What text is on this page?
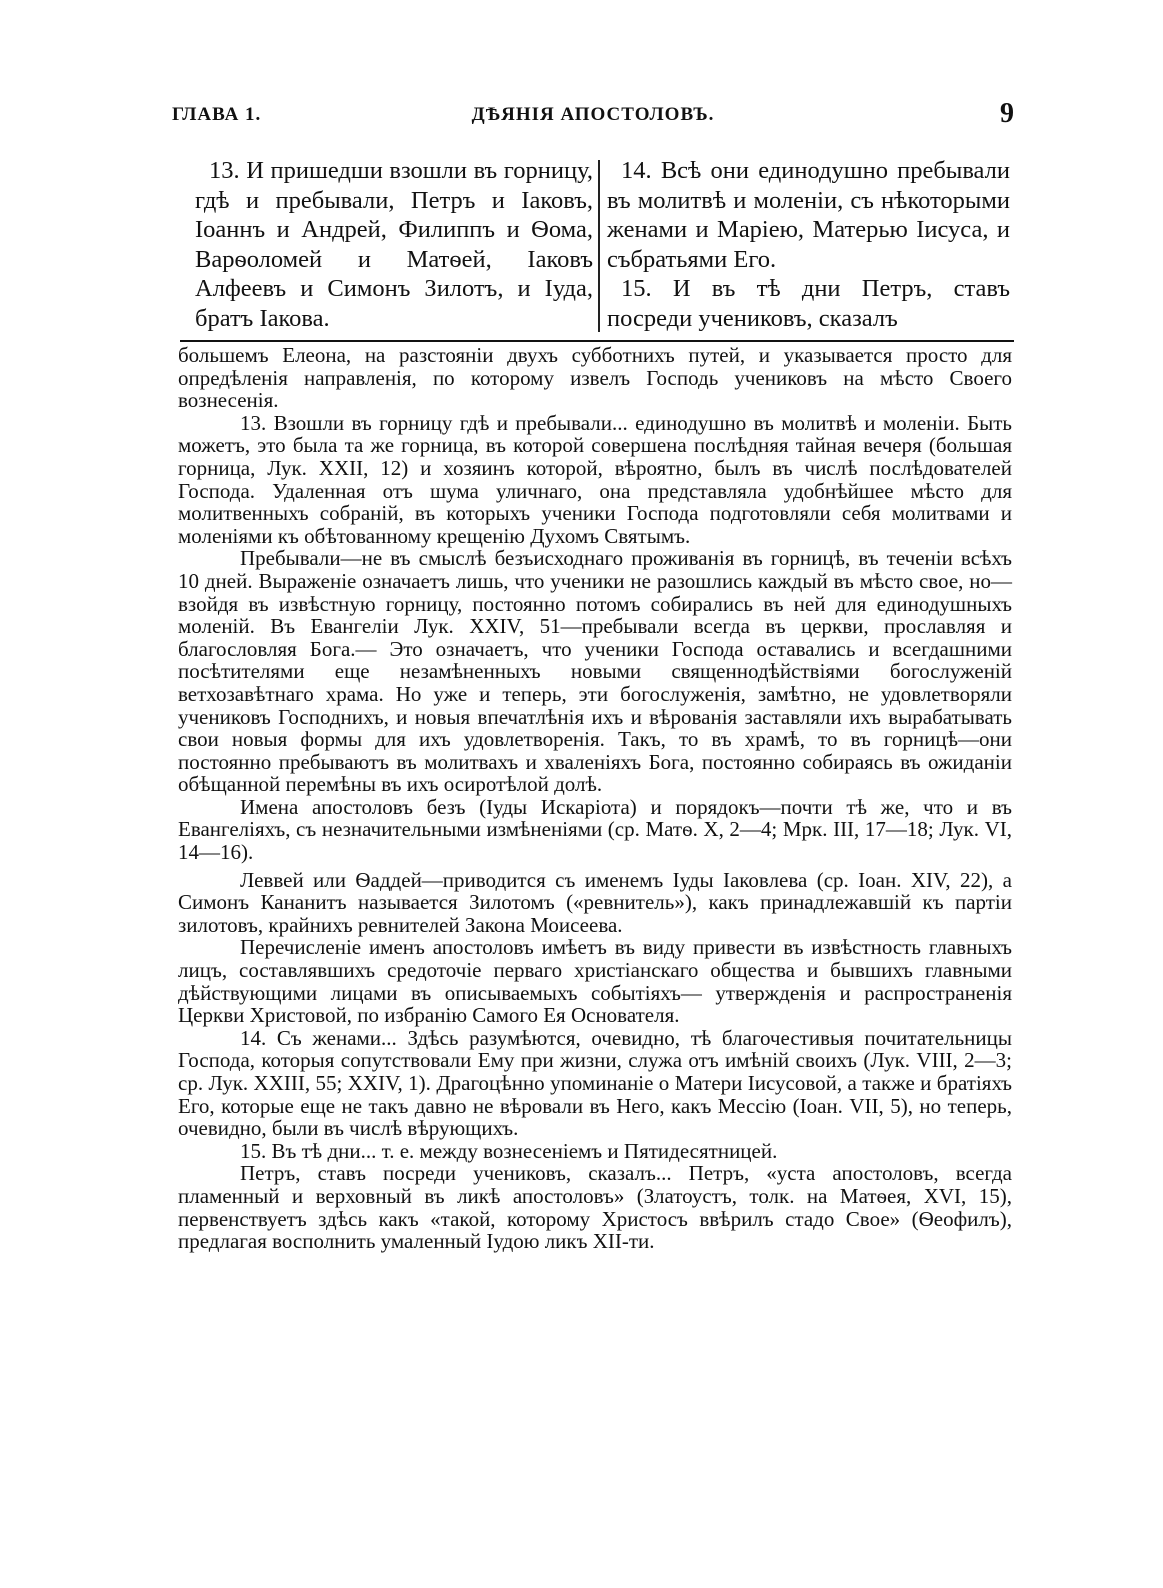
ГЛАВА 1.	ДѢЯНІЯ АПОСТОЛОВЪ.	9

13. И пришедши взошли въ горницу, гдѣ и пребывали, Петръ и Іаковъ, Іоаннъ и Андрей, Филиппъ и Ѳома, Варѳоломей и Матѳей, Іаковъ Алфеевъ и Симонъ Зилотъ, и Іуда, братъ Іакова.

14. Всѣ они единодушно пребывали въ молитвѣ и моленіи, съ нѣкоторыми женами и Маріею, Матерью Іисуса, и събратьями Его.

15. И въ тѣ дни Петръ, ставъ посреди учениковъ, сказалъ

большемъ Елеона, на разстояніи двухъ субботнихъ путей, и указывается просто для опредѣленія направленія, по которому извелъ Господь учениковъ на мѣсто Своего вознесенія.

13. Взошли въ горницу гдѣ и пребывали... единодушно въ молитвѣ и моленіи. Быть можетъ, это была та же горница, въ которой совершена послѣдняя тайная вечеря (большая горница, Лук. XXII, 12) и хозяинъ которой, вѣроятно, былъ въ числѣ послѣдователей Господа. Удаленная отъ шума уличнаго, она представляла удобнѣйшее мѣсто для молитвенныхъ собраній, въ которыхъ ученики Господа подготовляли себя молитвами и моленіями къ обѣтованному крещенію Духомъ Святымъ.

Пребывали—не въ смыслѣ безъисходнаго проживанія въ горницѣ, въ теченіи всѣхъ 10 дней. Выраженіе означаетъ лишь, что ученики не разошлись каждый въ мѣсто свое, но—взойдя въ извѣстную горницу, постоянно потомъ собирались въ ней для единодушныхъ моленій. Въ Евангеліи Лук. XXIV, 51—пребывали всегда въ церкви, прославляя и благословляя Бога.— Это означаетъ, что ученики Господа оставались и всегдашними посѣтителями еще незамѣненныхъ новыми священнодѣйствіями богослуженій ветхозавѣтнаго храма. Но уже и теперь, эти богослуженія, замѣтно, не удовлетворяли учениковъ Господнихъ, и новыя впечатлѣнія ихъ и вѣрованія заставляли ихъ вырабатывать свои новыя формы для ихъ удовлетворенія. Такъ, то въ храмѣ, то въ горницѣ—они постоянно пребываютъ въ молитвахъ и хваленіяхъ Бога, постоянно собираясь въ ожиданіи обѣщанной перемѣны въ ихъ осиротѣлой долѣ.

Имена апостоловъ безъ (Іуды Искаріота) и порядокъ—почти тѣ же, что и въ Евангеліяхъ, съ незначительными измѣненіями (ср. Матѳ. X, 2—4; Мрк. III, 17—18; Лук. VI, 14—16).

Леввей или Ѳаддей—приводится съ именемъ Іуды Іаковлева (ср. Іоан. XIV, 22), а Симонъ Кананитъ называется Зилотомъ («ревнитель»), какъ принадлежавшій къ партіи зилотовъ, крайнихъ ревнителей Закона Моисеева.

Перечисленіе именъ апостоловъ имѣетъ въ виду привести въ извѣстность главныхъ лицъ, составлявшихъ средоточіе перваго христіанскаго общества и бывшихъ главными дѣйствующими лицами въ описываемыхъ событіяхъ— утвержденія и распространенія Церкви Христовой, по избранію Самого Ея Основателя.

14. Съ женами... Здѣсь разумѣются, очевидно, тѣ благочестивыя почитательницы Господа, которыя сопутствовали Ему при жизни, служа отъ имѣній своихъ (Лук. VIII, 2—3; ср. Лук. XXIII, 55; XXIV, 1). Драгоцѣнно упоминаніе о Матери Іисусовой, а также и братіяхъ Его, которые еще не такъ давно не вѣровали въ Него, какъ Мессію (Іоан. VII, 5), но теперь, очевидно, были въ числѣ вѣрующихъ.

15. Въ тѣ дни... т. е. между вознесеніемъ и Пятидесятницей.

Петръ, ставъ посреди учениковъ, сказалъ... Петръ, «уста апостоловъ, всегда пламенный и верховный въ ликѣ апостоловъ» (Златоустъ, толк. на Матѳея, XVI, 15), первенствуетъ здѣсь какъ «такой, которому Христосъ ввѣрилъ стадо Свое» (Ѳеофилъ), предлагая восполнить умаленный Іудою ликъ XII-ти.
